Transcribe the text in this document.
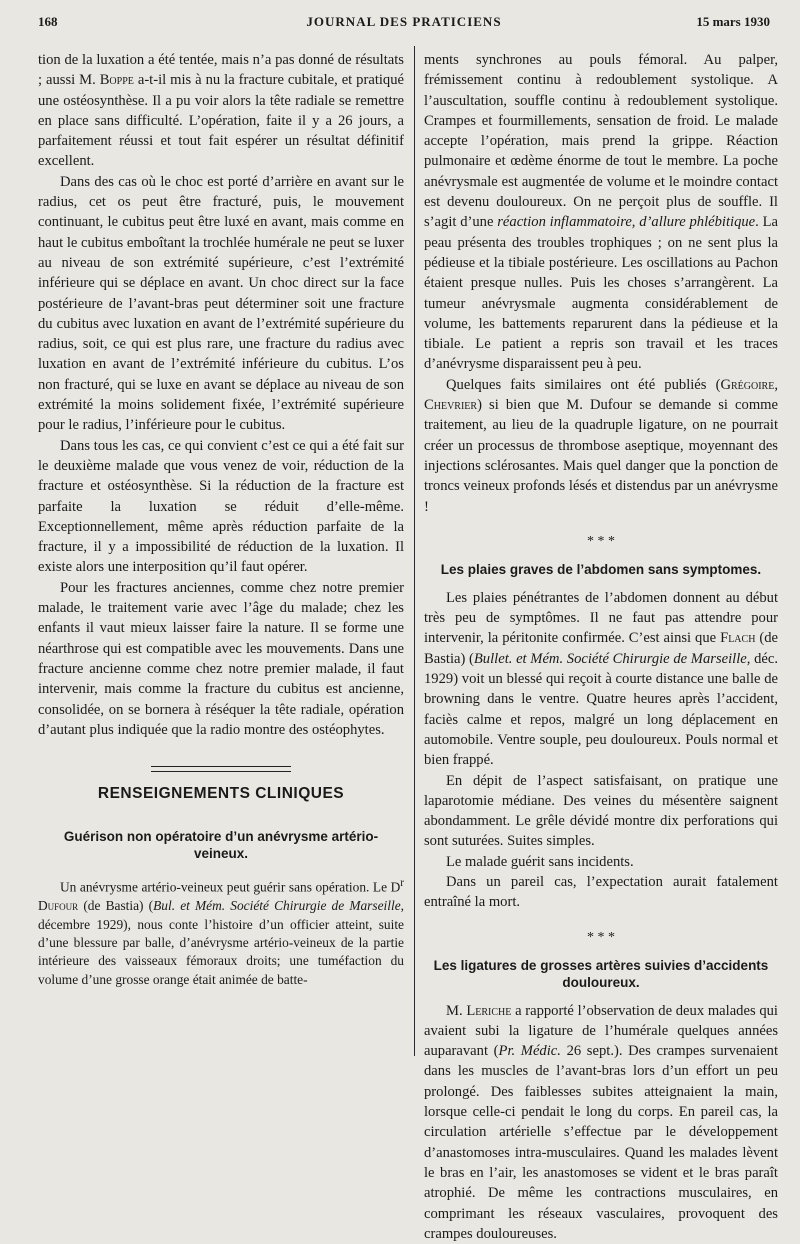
168	JOURNAL DES PRATICIENS	15 mars 1930

tion de la luxation a été tentée, mais n’a pas donné de résultats ; aussi M. Boppe a-t-il mis à nu la fracture cubitale, et pratiqué une ostéosynthèse. Il a pu voir alors la tête radiale se remettre en place sans difficulté. L’opération, faite il y a 26 jours, a parfaitement réussi et tout fait espérer un résultat définitif excellent.

Dans des cas où le choc est porté d’arrière en avant sur le radius, cet os peut être fracturé, puis, le mouvement continuant, le cubitus peut être luxé en avant, mais comme en haut le cubitus emboîtant la trochlée humérale ne peut se luxer au niveau de son extrémité supérieure, c’est l’extrémité inférieure qui se déplace en avant. Un choc direct sur la face postérieure de l’avant-bras peut déterminer soit une fracture du cubitus avec luxation en avant de l’extrémité supérieure du radius, soit, ce qui est plus rare, une fracture du radius avec luxation en avant de l’extrémité inférieure du cubitus. L’os non fracturé, qui se luxe en avant se déplace au niveau de son extrémité la moins solidement fixée, l’extrémité supérieure pour le radius, l’inférieure pour le cubitus.

Dans tous les cas, ce qui convient c’est ce qui a été fait sur le deuxième malade que vous venez de voir, réduction de la fracture et ostéosynthèse. Si la réduction de la fracture est parfaite la luxation se réduit d’elle-même. Exceptionnellement, même après réduction parfaite de la fracture, il y a impossibilité de réduction de la luxation. Il existe alors une interposition qu’il faut opérer.

Pour les fractures anciennes, comme chez notre premier malade, le traitement varie avec l’âge du malade; chez les enfants il vaut mieux laisser faire la nature. Il se forme une néarthrose qui est compatible avec les mouvements. Dans une fracture ancienne comme chez notre premier malade, il faut intervenir, mais comme la fracture du cubitus est ancienne, consolidée, on se bornera à réséquer la tête radiale, opération d’autant plus indiquée que la radio montre des ostéophytes.

RENSEIGNEMENTS CLINIQUES
Guérison non opératoire d’un anévrysme artério-veineux.

Un anévrysme artério-veineux peut guérir sans opération. Le $D^r$ Dufour (de Bastia) (Bul. et Mém. Société Chirurgie de Marseille, décembre 1929), nous conte l’histoire d’un officier atteint, suite d’une blessure par balle, d’anévrysme artério-veineux de la partie intérieure des vaisseaux fémoraux droits; une tuméfaction du volume d’une grosse orange était animée de batte-

ments synchrones au pouls fémoral. Au palper, frémissement continu à redoublement systolique. A l’auscultation, souffle continu à redoublement systolique. Crampes et fourmillements, sensation de froid. Le malade accepte l’opération, mais prend la grippe. Réaction pulmonaire et œdème énorme de tout le membre. La poche anévrysmale est augmentée de volume et le moindre contact est devenu douloureux. On ne perçoit plus de souffle. Il s’agit d’une réaction inflammatoire, d’allure phlébitique. La peau présenta des troubles trophiques ; on ne sent plus la pédieuse et la tibiale postérieure. Les oscillations au Pachon étaient presque nulles. Puis les choses s’arrangèrent. La tumeur anévrysmale augmenta considérablement de volume, les battements reparurent dans la pédieuse et la tibiale. Le patient a repris son travail et les traces d’anévrysme disparaissent peu à peu.

Quelques faits similaires ont été publiés (Grégoire, Chevrier) si bien que M. Dufour se demande si comme traitement, au lieu de la quadruple ligature, on ne pourrait créer un processus de thrombose aseptique, moyennant des injections sclérosantes. Mais quel danger que la ponction de troncs veineux profonds lésés et distendus par un anévrysme !

* * *
Les plaies graves de l’abdomen sans symptomes.

Les plaies pénétrantes de l’abdomen donnent au début très peu de symptômes. Il ne faut pas attendre pour intervenir, la péritonite confirmée. C’est ainsi que Flach (de Bastia) (Bullet. et Mém. Société Chirurgie de Marseille, déc. 1929) voit un blessé qui reçoit à courte distance une balle de browning dans le ventre. Quatre heures après l’accident, faciès calme et repos, malgré un long déplacement en automobile. Ventre souple, peu douloureux. Pouls normal et bien frappé.

En dépit de l’aspect satisfaisant, on pratique une laparotomie médiane. Des veines du mésentère saignent abondamment. Le grêle dévidé montre dix perforations qui sont suturées. Suites simples.

Le malade guérit sans incidents.

Dans un pareil cas, l’expectation aurait fatalement entraîné la mort.

* * *
Les ligatures de grosses artères suivies d’accidents douloureux.

M. Leriche a rapporté l’observation de deux malades qui avaient subi la ligature de l’humérale quelques années auparavant (Pr. Médic. 26 sept.). Des crampes survenaient dans les muscles de l’avant-bras lors d’un effort un peu prolongé. Des faiblesses subites atteignaient la main, lorsque celle-ci pendait le long du corps. En pareil cas, la circulation artérielle s’effectue par le développement d’anastomoses intra-musculaires. Quand les malades lèvent le bras en l’air, les anastomoses se vident et le bras paraît atrophié. De même les contractions musculaires, en comprimant les réseaux vasculaires, provoquent des crampes douloureuses.
